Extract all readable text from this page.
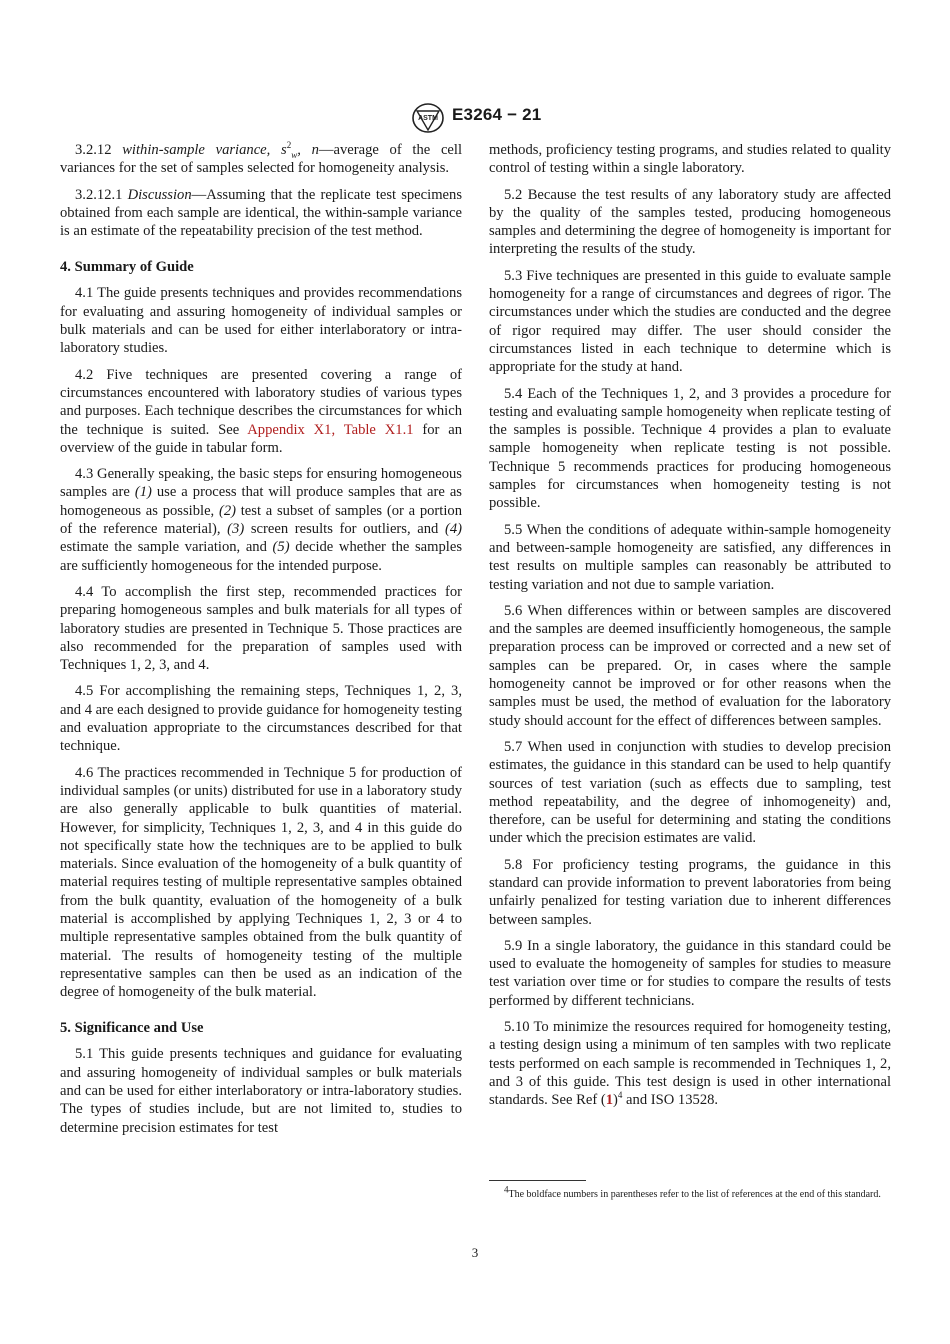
ASTM E3264 − 21

3.2.12 within-sample variance, $s^2_w$, n—average of the cell variances for the set of samples selected for homogeneity analysis.

3.2.12.1 Discussion—Assuming that the replicate test specimens obtained from each sample are identical, the within-sample variance is an estimate of the repeatability precision of the test method.

4. Summary of Guide

4.1 The guide presents techniques and provides recommendations for evaluating and assuring homogeneity of individual samples or bulk materials and can be used for either interlaboratory or intra-laboratory studies.

4.2 Five techniques are presented covering a range of circumstances encountered with laboratory studies of various types and purposes. Each technique describes the circumstances for which the technique is suited. See Appendix X1, Table X1.1 for an overview of the guide in tabular form.

4.3 Generally speaking, the basic steps for ensuring homogeneous samples are (1) use a process that will produce samples that are as homogeneous as possible, (2) test a subset of samples (or a portion of the reference material), (3) screen results for outliers, and (4) estimate the sample variation, and (5) decide whether the samples are sufficiently homogeneous for the intended purpose.

4.4 To accomplish the first step, recommended practices for preparing homogeneous samples and bulk materials for all types of laboratory studies are presented in Technique 5. Those practices are also recommended for the preparation of samples used with Techniques 1, 2, 3, and 4.

4.5 For accomplishing the remaining steps, Techniques 1, 2, 3, and 4 are each designed to provide guidance for homogeneity testing and evaluation appropriate to the circumstances described for that technique.

4.6 The practices recommended in Technique 5 for production of individual samples (or units) distributed for use in a laboratory study are also generally applicable to bulk quantities of material. However, for simplicity, Techniques 1, 2, 3, and 4 in this guide do not specifically state how the techniques are to be applied to bulk materials. Since evaluation of the homogeneity of a bulk quantity of material requires testing of multiple representative samples obtained from the bulk quantity, evaluation of the homogeneity of a bulk material is accomplished by applying Techniques 1, 2, 3 or 4 to multiple representative samples obtained from the bulk quantity of material. The results of homogeneity testing of the multiple representative samples can then be used as an indication of the degree of homogeneity of the bulk material.

5. Significance and Use

5.1 This guide presents techniques and guidance for evaluating and assuring homogeneity of individual samples or bulk materials and can be used for either interlaboratory or intra-laboratory studies. The types of studies include, but are not limited to, studies to determine precision estimates for test

methods, proficiency testing programs, and studies related to quality control of testing within a single laboratory.

5.2 Because the test results of any laboratory study are affected by the quality of the samples tested, producing homogeneous samples and determining the degree of homogeneity is important for interpreting the results of the study.

5.3 Five techniques are presented in this guide to evaluate sample homogeneity for a range of circumstances and degrees of rigor. The circumstances under which the studies are conducted and the degree of rigor required may differ. The user should consider the circumstances listed in each technique to determine which is appropriate for the study at hand.

5.4 Each of the Techniques 1, 2, and 3 provides a procedure for testing and evaluating sample homogeneity when replicate testing of the samples is possible. Technique 4 provides a plan to evaluate sample homogeneity when replicate testing is not possible. Technique 5 recommends practices for producing homogeneous samples for circumstances when homogeneity testing is not possible.

5.5 When the conditions of adequate within-sample homogeneity and between-sample homogeneity are satisfied, any differences in test results on multiple samples can reasonably be attributed to testing variation and not due to sample variation.

5.6 When differences within or between samples are discovered and the samples are deemed insufficiently homogeneous, the sample preparation process can be improved or corrected and a new set of samples can be prepared. Or, in cases where the sample homogeneity cannot be improved or for other reasons when the samples must be used, the method of evaluation for the laboratory study should account for the effect of differences between samples.

5.7 When used in conjunction with studies to develop precision estimates, the guidance in this standard can be used to help quantify sources of test variation (such as effects due to sampling, test method repeatability, and the degree of inhomogeneity) and, therefore, can be useful for determining and stating the conditions under which the precision estimates are valid.

5.8 For proficiency testing programs, the guidance in this standard can provide information to prevent laboratories from being unfairly penalized for testing variation due to inherent differences between samples.

5.9 In a single laboratory, the guidance in this standard could be used to evaluate the homogeneity of samples for studies to measure test variation over time or for studies to compare the results of tests performed by different technicians.

5.10 To minimize the resources required for homogeneity testing, a testing design using a minimum of ten samples with two replicate tests performed on each sample is recommended in Techniques 1, 2, and 3 of this guide. This test design is used in other international standards. See Ref $(1)^4$ and ISO 13528.

$^4$The boldface numbers in parentheses refer to the list of references at the end of this standard.
3
